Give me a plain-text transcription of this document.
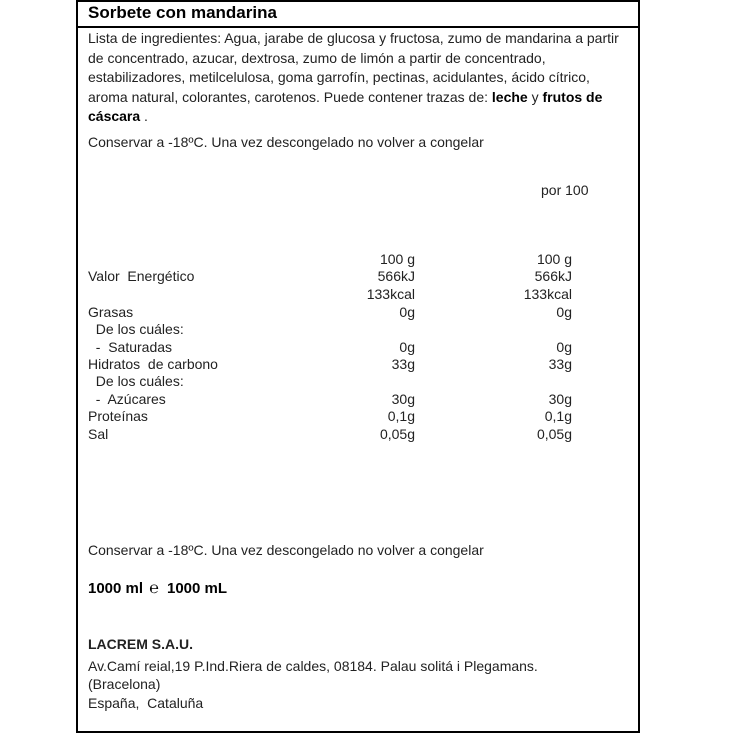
Sorbete con mandarina
Lista de ingredientes: Agua, jarabe de glucosa y fructosa, zumo de mandarina a partir de concentrado, azucar, dextrosa, zumo de limón a partir de concentrado, estabilizadores, metilcelulosa, goma garrofín, pectinas, acidulantes, ácido cítrico, aroma natural, colorantes, carotenos. Puede contener trazas de: leche y frutos de cáscara .
Conservar a -18ºC. Una vez descongelado no volver a congelar
por 100
100 g	100 g
Valor  Energético	566kJ	566kJ
133kcal	133kcal
Grasas	0g	0g
De los cuáles:
-  Saturadas	0g	0g
Hidratos  de carbono	33g	33g
De los cuáles:
-  Azúcares	30g	30g
Proteínas	0,1g	0,1g
Sal	0,05g	0,05g
Conservar a -18ºC. Una vez descongelado no volver a congelar
1000 ml ℮ 1000 mL
LACREM S.A.U.
Av.Camí reial,19 P.Ind.Riera de caldes, 08184. Palau solitá i Plegamans.
(Bracelona)
España,  Cataluña
